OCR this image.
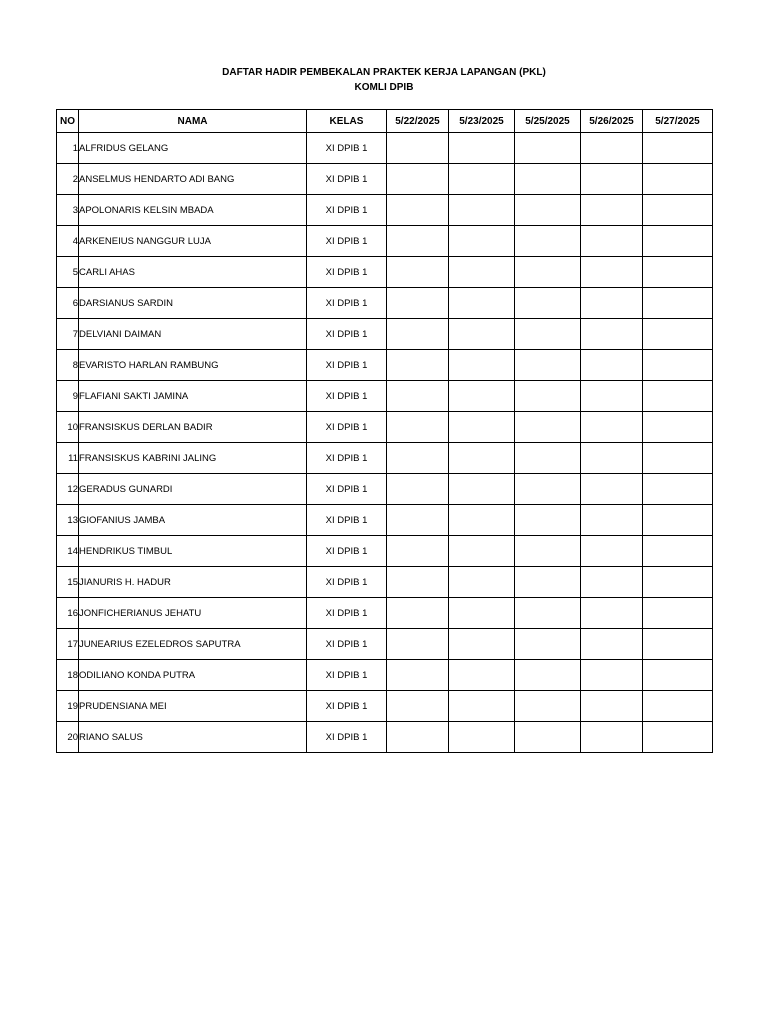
DAFTAR HADIR PEMBEKALAN PRAKTEK KERJA LAPANGAN (PKL)
KOMLI DPIB
NO	NAMA	KELAS	5/22/2025	5/23/2025	5/25/2025	5/26/2025	5/27/2025
1	ALFRIDUS GELANG	XI DPIB 1					
2	ANSELMUS HENDARTO ADI BANG	XI DPIB 1					
3	APOLONARIS KELSIN MBADA	XI DPIB 1					
4	ARKENEIUS NANGGUR LUJA	XI DPIB 1					
5	CARLI AHAS	XI DPIB 1					
6	DARSIANUS SARDIN	XI DPIB 1					
7	DELVIANI DAIMAN	XI DPIB 1					
8	EVARISTO HARLAN RAMBUNG	XI DPIB 1					
9	FLAFIANI SAKTI JAMINA	XI DPIB 1					
10	FRANSISKUS DERLAN BADIR	XI DPIB 1					
11	FRANSISKUS KABRINI JALING	XI DPIB 1					
12	GERADUS GUNARDI	XI DPIB 1					
13	GIOFANIUS JAMBA	XI DPIB 1					
14	HENDRIKUS TIMBUL	XI DPIB 1					
15	JIANURIS H. HADUR	XI DPIB 1					
16	JONFICHERIANUS JEHATU	XI DPIB 1					
17	JUNEARIUS EZELEDROS SAPUTRA	XI DPIB 1					
18	ODILIANO KONDA PUTRA	XI DPIB 1					
19	PRUDENSIANA MEI	XI DPIB 1					
20	RIANO SALUS	XI DPIB 1					
